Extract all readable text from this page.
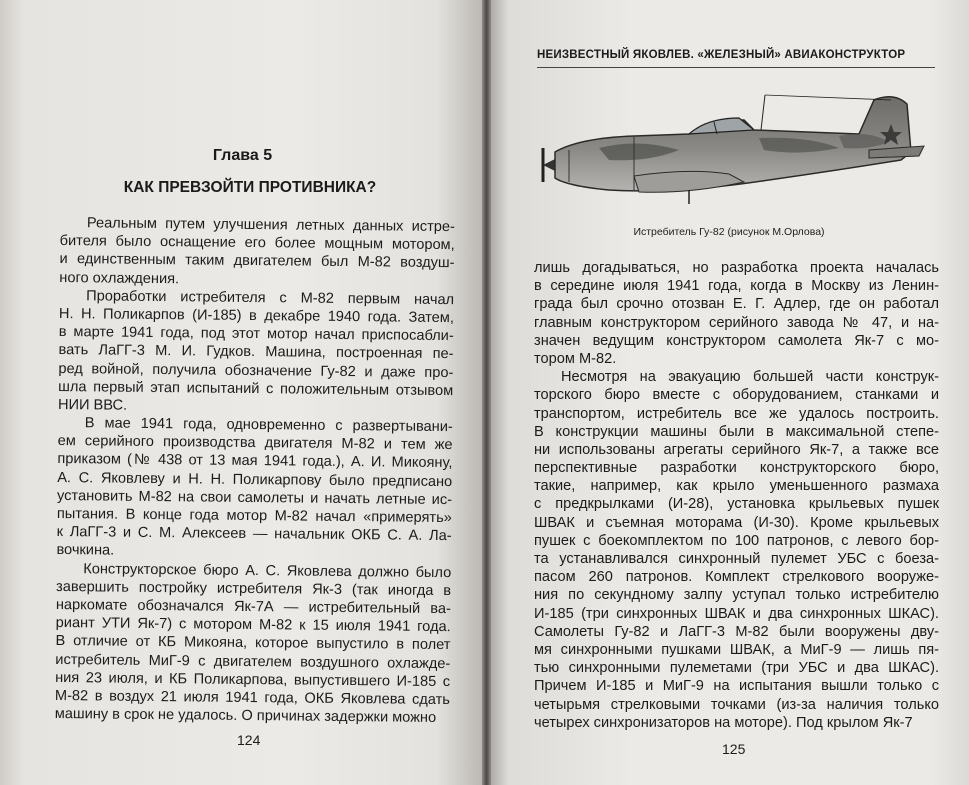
Глава 5
КАК ПРЕВЗОЙТИ ПРОТИВНИКА?

Реальным путем улучшения летных данных истре-
бителя было оснащение его более мощным мотором,
и единственным таким двигателем был М-82 воздуш-
ного охлаждения.

Проработки истребителя с М-82 первым начал
Н. Н. Поликарпов (И-185) в декабре 1940 года. Затем,
в марте 1941 года, под этот мотор начал приспосабли-
вать ЛаГГ-3 М. И. Гудков. Машина, построенная пе-
ред войной, получила обозначение Гу-82 и даже про-
шла первый этап испытаний с положительным отзывом
НИИ ВВС.

В мае 1941 года, одновременно с развертывани-
ем серийного производства двигателя М-82 и тем же
приказом (№ 438 от 13 мая 1941 года.), А. И. Микояну,
А. С. Яковлеву и Н. Н. Поликарпову было предписано
установить М-82 на свои самолеты и начать летные ис-
пытания. В конце года мотор М-82 начал «примерять»
к ЛаГГ-3 и С. М. Алексеев — начальник ОКБ С. А. Ла-
вочкина.

Конструкторское бюро А. С. Яковлева должно было
завершить постройку истребителя Як-3 (так иногда в
наркомате обозначался Як-7А — истребительный ва-
риант УТИ Як-7) с мотором М-82 к 15 июля 1941 года.
В отличие от КБ Микояна, которое выпустило в полет
истребитель МиГ-9 с двигателем воздушного охлажде-
ния 23 июля, и КБ Поликарпова, выпустившего И-185 с
М-82 в воздух 21 июля 1941 года, ОКБ Яковлева сдать
машину в срок не удалось. О причинах задержки можно

124
НЕИЗВЕСТНЫЙ ЯКОВЛЕВ. «ЖЕЛЕЗНЫЙ» АВИАКОНСТРУКТОР
Истребитель Гу-82 (рисунок М.Орлова)

лишь догадываться, но разработка проекта началась
в середине июля 1941 года, когда в Москву из Ленин-
града был срочно отозван Е. Г. Адлер, где он работал
главным конструктором серийного завода № 47, и на-
значен ведущим конструктором самолета Як-7 с мо-
тором М-82.

Несмотря на эвакуацию большей части конструк-
торского бюро вместе с оборудованием, станками и
транспортом, истребитель все же удалось построить.
В конструкции машины были в максимальной степе-
ни использованы агрегаты серийного Як-7, а также все
перспективные разработки конструкторского бюро,
такие, например, как крыло уменьшенного размаха
с предкрылками (И-28), установка крыльевых пушек
ШВАК и съемная моторама (И-30). Кроме крыльевых
пушек с боекомплектом по 100 патронов, с левого бор-
та устанавливался синхронный пулемет УБС с боеза-
пасом 260 патронов. Комплект стрелкового вооруже-
ния по секундному залпу уступал только истребителю
И-185 (три синхронных ШВАК и два синхронных ШКАС).
Самолеты Гу-82 и ЛаГГ-3 М-82 были вооружены дву-
мя синхронными пушками ШВАК, а МиГ-9 — лишь пя-
тью синхронными пулеметами (три УБС и два ШКАС).
Причем И-185 и МиГ-9 на испытания вышли только с
четырьмя стрелковыми точками (из-за наличия только
четырех синхронизаторов на моторе). Под крылом Як-7

125
